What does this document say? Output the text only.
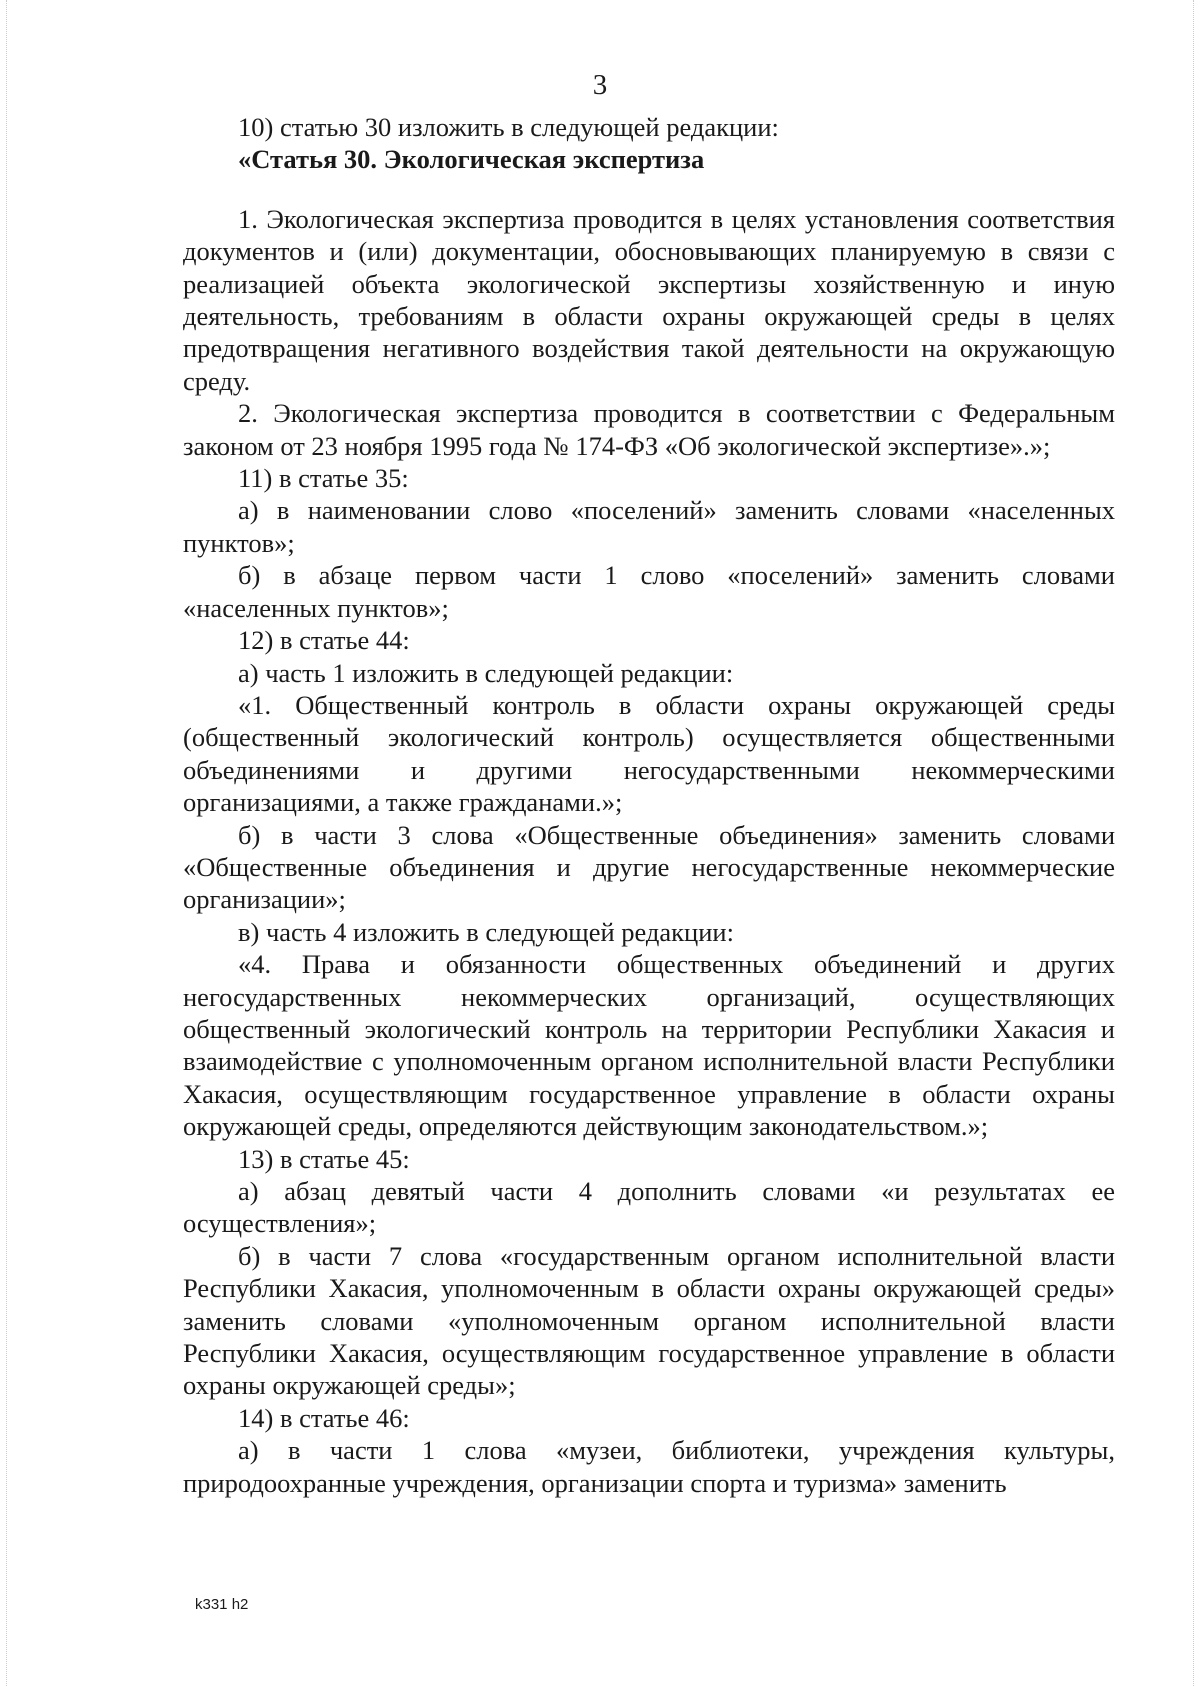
3

10) статью 30 изложить в следующей редакции:

«Статья 30. Экологическая экспертиза

1. Экологическая экспертиза проводится в целях установления соответствия документов и (или) документации, обосновывающих планируемую в связи с реализацией объекта экологической экспертизы хозяйственную и иную деятельность, требованиям в области охраны окружающей среды в целях предотвращения негативного воздействия такой деятельности на окружающую среду.

2. Экологическая экспертиза проводится в соответствии с Федеральным законом от 23 ноября 1995 года № 174-ФЗ «Об экологической экспертизе».»;

11) в статье 35:

а) в наименовании слово «поселений» заменить словами «населенных пунктов»;

б) в абзаце первом части 1 слово «поселений» заменить словами «населенных пунктов»;

12) в статье 44:

а) часть 1 изложить в следующей редакции:

«1. Общественный контроль в области охраны окружающей среды (общественный экологический контроль) осуществляется общественными объединениями и другими негосударственными некоммерческими организациями, а также гражданами.»;

б) в части 3 слова «Общественные объединения» заменить словами «Общественные объединения и другие негосударственные некоммерческие организации»;

в) часть 4 изложить в следующей редакции:

«4. Права и обязанности общественных объединений и других негосударственных некоммерческих организаций, осуществляющих общественный экологический контроль на территории Республики Хакасия и взаимодействие с уполномоченным органом исполнительной власти Республики Хакасия, осуществляющим государственное управление в области охраны окружающей среды, определяются действующим законодательством.»;

13) в статье 45:

а) абзац девятый части 4 дополнить словами «и результатах ее осуществления»;

б) в части 7 слова «государственным органом исполнительной власти Республики Хакасия, уполномоченным в области охраны окружающей среды» заменить словами «уполномоченным органом исполнительной власти Республики Хакасия, осуществляющим государственное управление в области охраны окружающей среды»;

14) в статье 46:

а) в части 1 слова «музеи, библиотеки, учреждения культуры, природоохранные учреждения, организации спорта и туризма» заменить

k331 h2
